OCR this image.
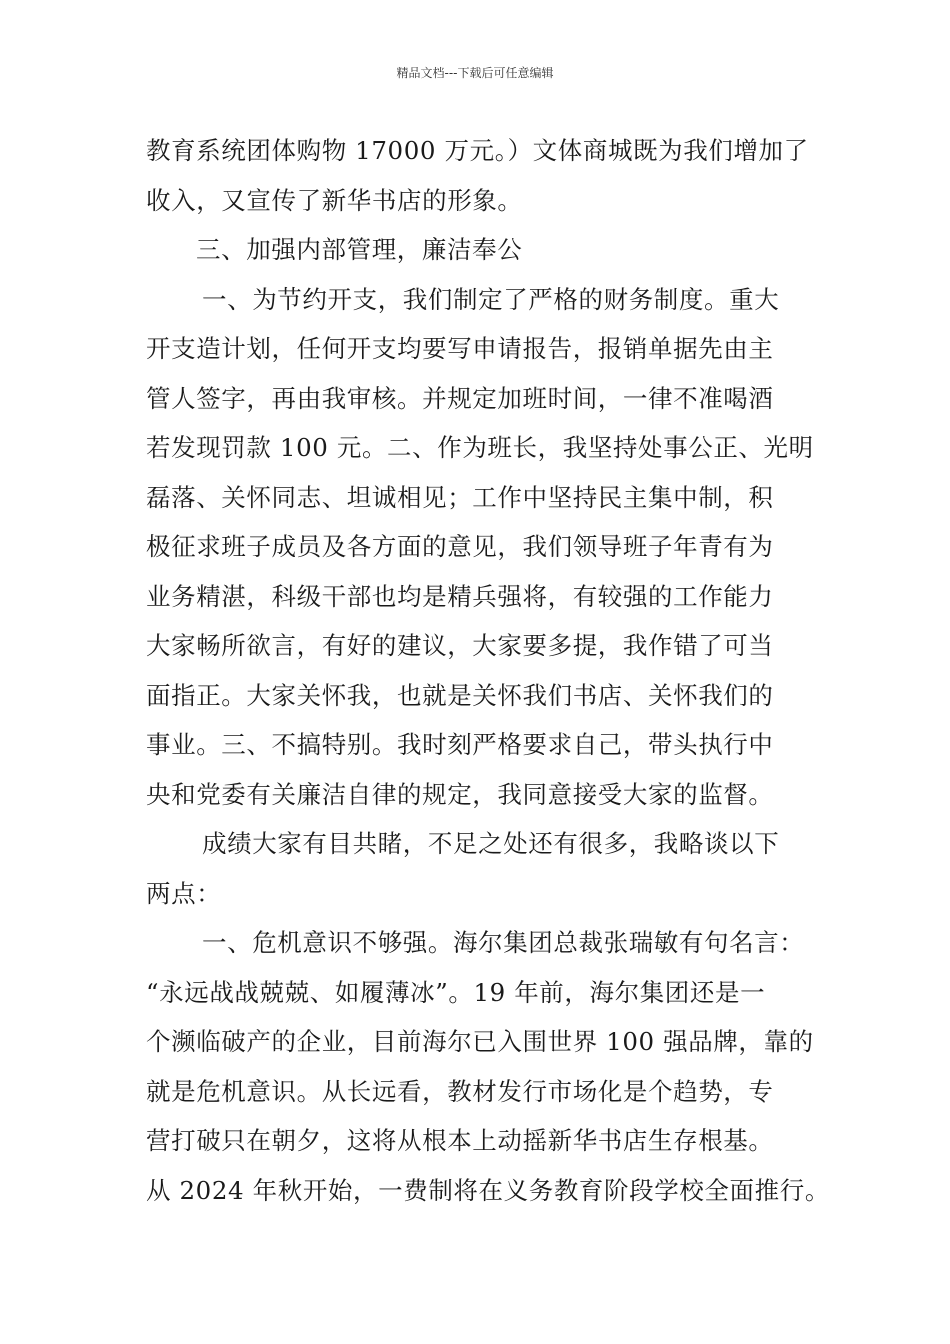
精品文档---下载后可任意编辑
教育系统团体购物 17000 万元。）文体商城既为我们增加了
收入，又宣传了新华书店的形象。
三、加强内部管理，廉洁奉公
一、为节约开支，我们制定了严格的财务制度。重大
开支造计划，任何开支均要写申请报告，报销单据先由主
管人签字，再由我审核。并规定加班时间，一律不准喝酒
若发现罚款 100 元。二、作为班长，我坚持处事公正、光明
磊落、关怀同志、坦诚相见；工作中坚持民主集中制，积
极征求班子成员及各方面的意见，我们领导班子年青有为
业务精湛，科级干部也均是精兵强将，有较强的工作能力
大家畅所欲言，有好的建议，大家要多提，我作错了可当
面指正。大家关怀我，也就是关怀我们书店、关怀我们的
事业。三、不搞特别。我时刻严格要求自己，带头执行中
央和党委有关廉洁自律的规定，我同意接受大家的监督。
成绩大家有目共睹，不足之处还有很多，我略谈以下
两点：
一、危机意识不够强。海尔集团总裁张瑞敏有句名言：
“永远战战兢兢、如履薄冰”。19 年前，海尔集团还是一
个濒临破产的企业，目前海尔已入围世界 100 强品牌，靠的
就是危机意识。从长远看，教材发行市场化是个趋势，专
营打破只在朝夕，这将从根本上动摇新华书店生存根基。
从 2024 年秋开始，一费制将在义务教育阶段学校全面推行。
